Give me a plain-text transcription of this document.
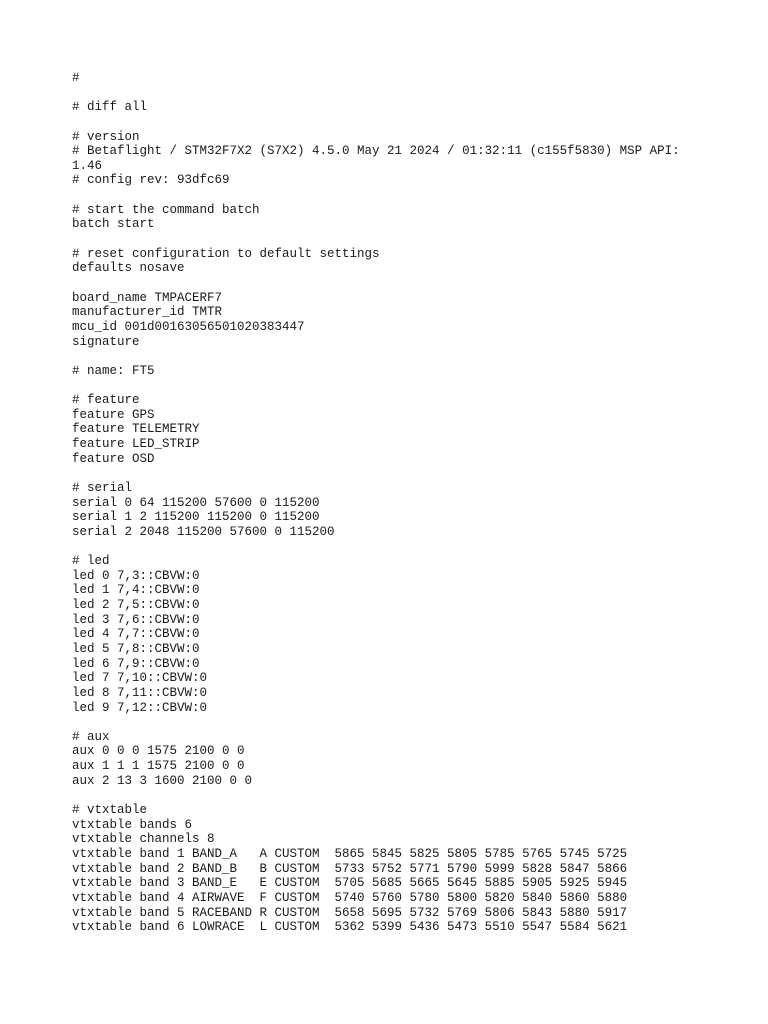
#
# diff all
# version
# Betaflight / STM32F7X2 (S7X2) 4.5.0 May 21 2024 / 01:32:11 (c155f5830) MSP API:
1.46
# config rev: 93dfc69
# start the command batch
batch start
# reset configuration to default settings
defaults nosave
board_name TMPACERF7
manufacturer_id TMTR
mcu_id 001d00163056501020383447
signature
# name: FT5
# feature
feature GPS
feature TELEMETRY
feature LED_STRIP
feature OSD
# serial
serial 0 64 115200 57600 0 115200
serial 1 2 115200 115200 0 115200
serial 2 2048 115200 57600 0 115200
# led
led 0 7,3::CBVW:0
led 1 7,4::CBVW:0
led 2 7,5::CBVW:0
led 3 7,6::CBVW:0
led 4 7,7::CBVW:0
led 5 7,8::CBVW:0
led 6 7,9::CBVW:0
led 7 7,10::CBVW:0
led 8 7,11::CBVW:0
led 9 7,12::CBVW:0
# aux
aux 0 0 0 1575 2100 0 0
aux 1 1 1 1575 2100 0 0
aux 2 13 3 1600 2100 0 0
# vtxtable
vtxtable bands 6
vtxtable channels 8
vtxtable band 1 BAND_A   A CUSTOM  5865 5845 5825 5805 5785 5765 5745 5725
vtxtable band 2 BAND_B   B CUSTOM  5733 5752 5771 5790 5999 5828 5847 5866
vtxtable band 3 BAND_E   E CUSTOM  5705 5685 5665 5645 5885 5905 5925 5945
vtxtable band 4 AIRWAVE  F CUSTOM  5740 5760 5780 5800 5820 5840 5860 5880
vtxtable band 5 RACEBAND R CUSTOM  5658 5695 5732 5769 5806 5843 5880 5917
vtxtable band 6 LOWRACE  L CUSTOM  5362 5399 5436 5473 5510 5547 5584 5621
